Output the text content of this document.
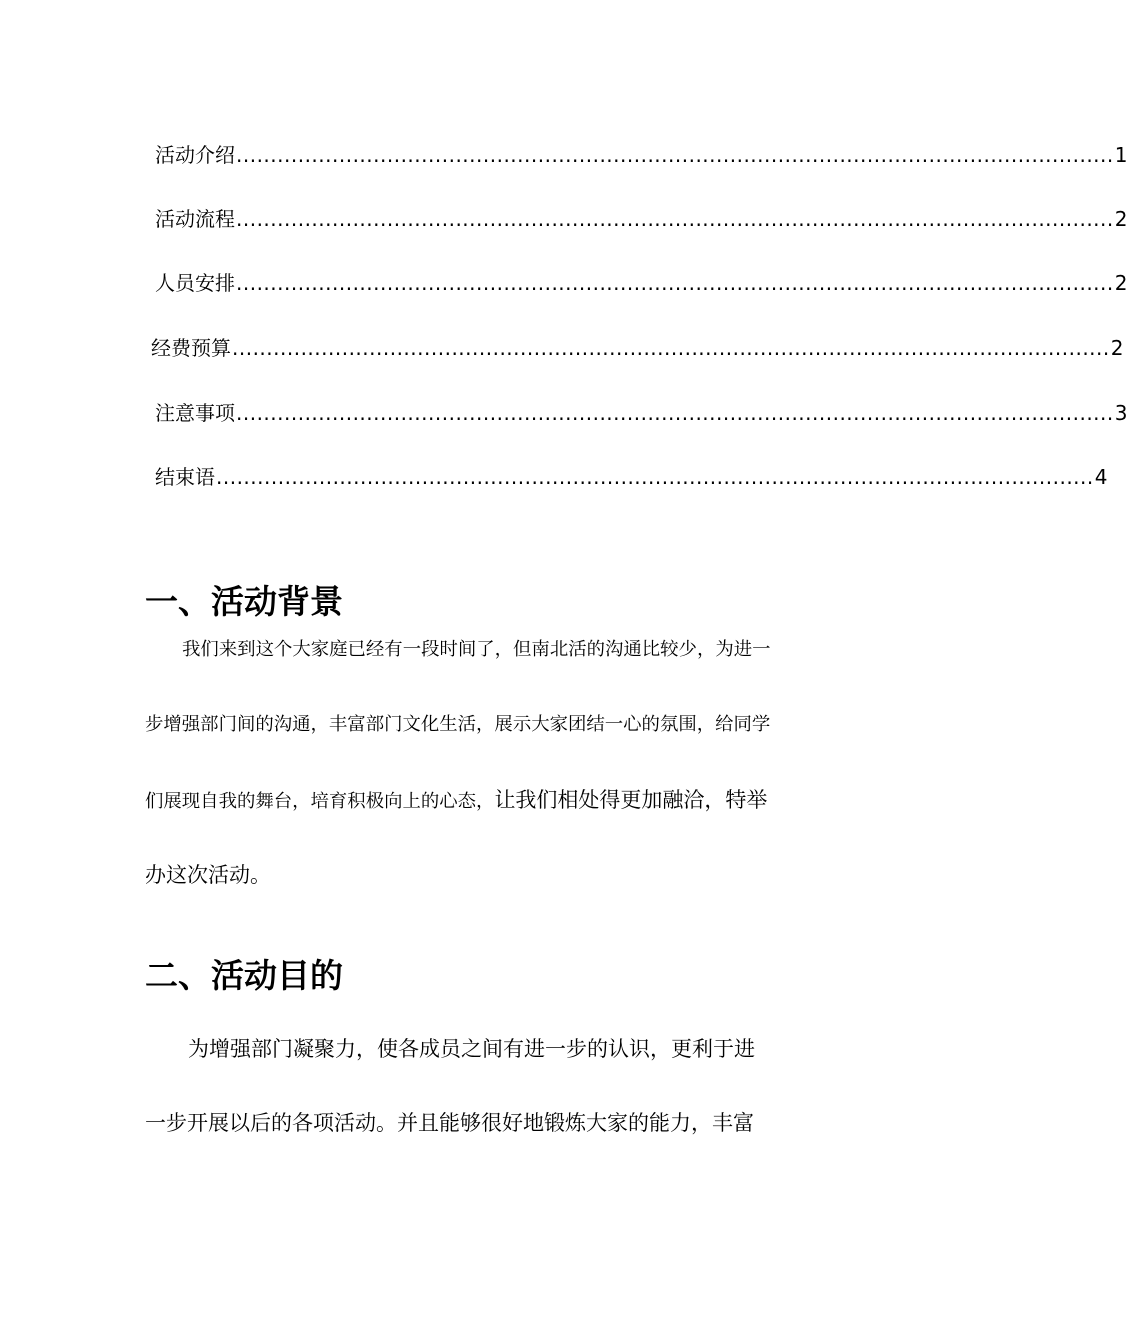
活动介绍 ................................................................................................................................ 1
活动流程 ................................................................................................................................ 2
人员安排 ................................................................................................................................ 2
经费预算 ................................................................................................................................ 2
注意事项 ................................................................................................................................ 3
结束语 ................................................................................................................................ 4
一、活动背景
我们来到这个大家庭已经有一段时间了，但南北活的沟通比较少，为进一
步增强部门间的沟通，丰富部门文化生活，展示大家团结一心的氛围，给同学
们展现自我的舞台，培育积极向上的心态，让我们相处得更加融洽，特举
办这次活动。
二、活动目的
为增强部门凝聚力，使各成员之间有进一步的认识，更利于进
一步开展以后的各项活动。并且能够很好地锻炼大家的能力，丰富
